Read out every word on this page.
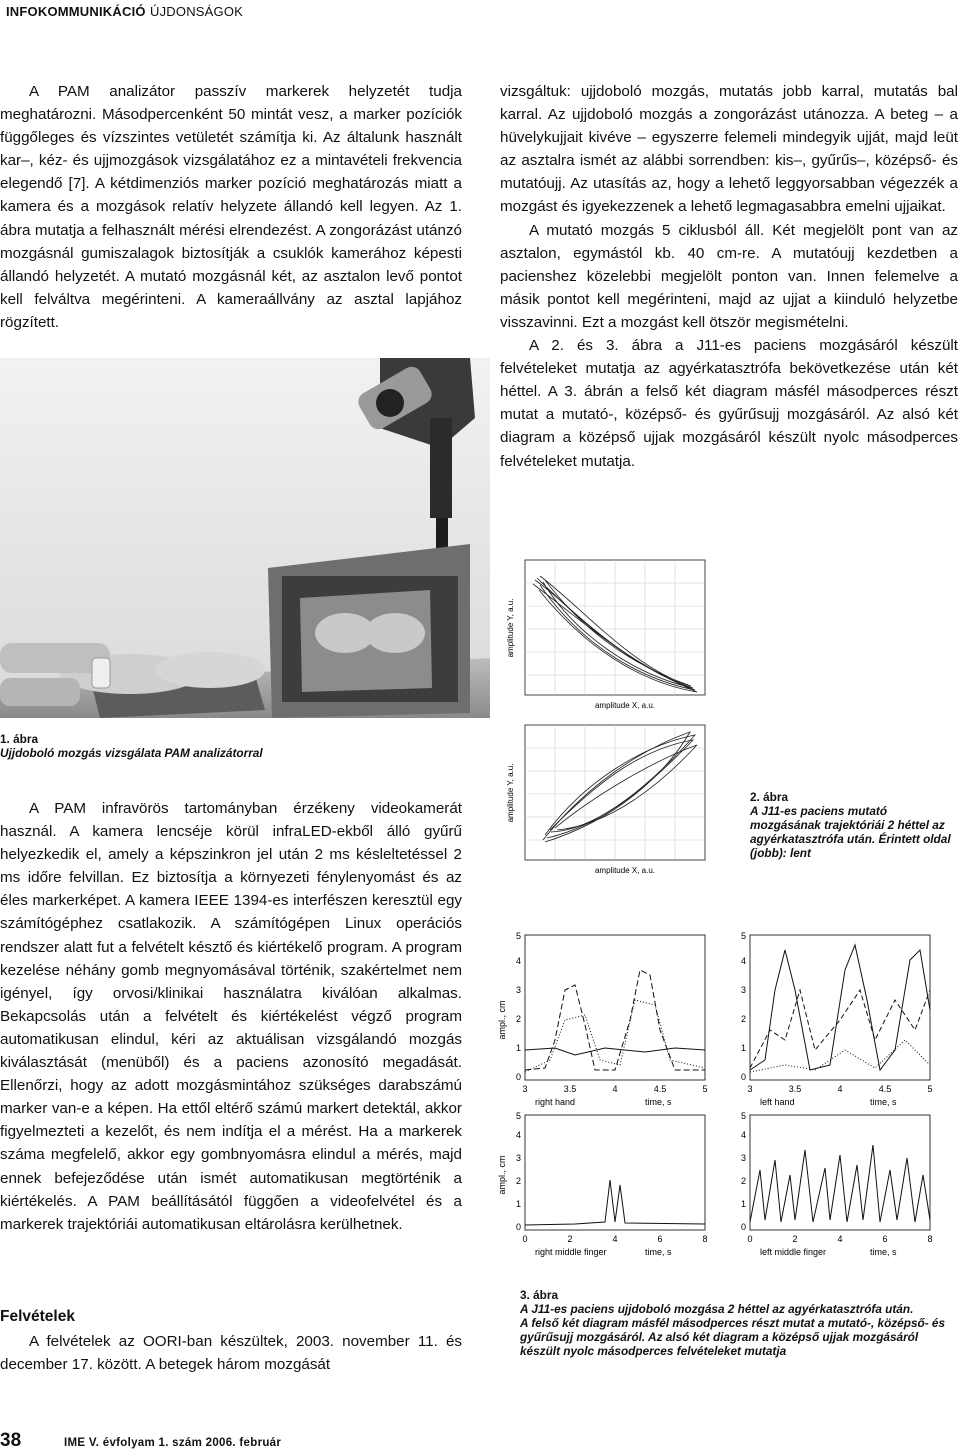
INFOKOMMUNIKÁCIÓ ÚJDONSÁGOK

A PAM analizátor passzív markerek helyzetét tudja meghatározni. Másodpercenként 50 mintát vesz, a marker pozíciók függőleges és vízszintes vetületét számítja ki. Az általunk használt kar–, kéz- és ujjmozgások vizsgálatához ez a mintavételi frekvencia elegendő [7]. A kétdimenziós marker pozíció meghatározás miatt a kamera és a mozgások relatív helyzete állandó kell legyen. Az 1. ábra mutatja a felhasznált mérési elrendezést. A zongorázást utánzó mozgásnál gumiszalagok biztosítják a csuklók kamerához képesti állandó helyzetét. A mutató mozgásnál két, az asztalon levő pontot kell felváltva megérinteni. A kameraállvány az asztal lapjához rögzített.

vizsgáltuk: ujjdoboló mozgás, mutatás jobb karral, mutatás bal karral. Az ujjdoboló mozgás a zongorázást utánozza. A beteg – a hüvelykujjait kivéve – egyszerre felemeli mindegyik ujját, majd leüt az asztalra ismét az alábbi sorrendben: kis–, gyűrűs–, középső- és mutatóujj. Az utasítás az, hogy a lehető leggyorsabban végezzék a mozgást és igyekezzenek a lehető legmagasabbra emelni ujjaikat.

A mutató mozgás 5 ciklusból áll. Két megjelölt pont van az asztalon, egymástól kb. 40 cm-re. A mutatóujj kezdetben a pacienshez közelebbi megjelölt ponton van. Innen felemelve a másik pontot kell megérinteni, majd az ujjat a kiinduló helyzetbe visszavinni. Ezt a mozgást kell ötször megismételni.

A 2. és 3. ábra a J11-es paciens mozgásáról készült felvételeket mutatja az agyérkatasztrófa bekövetkezése után két héttel. A 3. ábrán a felső két diagram másfél másodperces részt mutat a mutató-, középső- és gyűrűsujj mozgásáról. Az alsó két diagram a középső ujjak mozgásáról készült nyolc másodperces felvételeket mutatja.

1. ábra
Ujjdoboló mozgás vizsgálata PAM analizátorral

A PAM infravörös tartományban érzékeny videokamerát használ. A kamera lencséje körül infraLED-ekből álló gyűrű helyezkedik el, amely a képszinkron jel után 2 ms késleltetéssel 2 ms időre felvillan. Ez biztosítja a környezeti fénylenyomást és az éles markerképet. A kamera IEEE 1394-es interfészen keresztül egy számítógéphez csatlakozik. A számítógépen Linux operációs rendszer alatt fut a felvételt késztő és kiértékelő program. A program kezelése néhány gomb megnyomásával történik, szakértelmet nem igényel, így orvosi/klinikai használatra kiválóan alkalmas. Bekapcsolás után a felvételt és kiértékelést végző program automatikusan elindul, kéri az aktuálisan vizsgálandó mozgás kiválasztását (menüből) és a paciens azonosító megadását. Ellenőrzi, hogy az adott mozgásmintához szükséges darabszámú marker van-e a képen. Ha ettől eltérő számú markert detektál, akkor figyelmezteti a kezelőt, és nem indítja el a mérést. Ha a markerek száma megfelelő, akkor egy gombnyomásra elindul a mérés, majd ennek befejeződése után ismét automatikusan megtörténik a kiértékelés. A PAM beállításától függően a videofelvétel és a markerek trajektóriái automatikusan eltárolásra kerülhetnek.

Felvételek

A felvételek az OORI-ban készültek, 2003. november 11. és december 17. között. A betegek három mozgását

amplitude X, a.u.
amplitude Y, a.u.
amplitude X, a.u.
amplitude Y, a.u.	2. ábra
A J11-es paciens mutató mozgásának trajektóriái 2 héttel az agyérkatasztrófa után. Érintett oldal (jobb): lent
0
1
2
3
4
5
3	3.5	4	4.5	5
right hand	time, s
ampl., cm
0
1
2
3
4
5
3	3.5	4	4.5	5
left hand	time, s
0
1
2
3
4
5
0	2	4	6	8
right middle finger	time, s
ampl., cm
0
1
2
3
4
5
0	2	4	6	8
left middle finger	time, s
3. ábra
A J11-es paciens ujjdoboló mozgása 2 héttel az agyérkatasztrófa után.
A felső két diagram másfél másodperces részt mutat a mutató-, középső- és gyűrűsujj mozgásáról. Az alsó két diagram a középső ujjak mozgásáról készült nyolc másodperces felvételeket mutatja
38	IME V. évfolyam 1. szám 2006. február
